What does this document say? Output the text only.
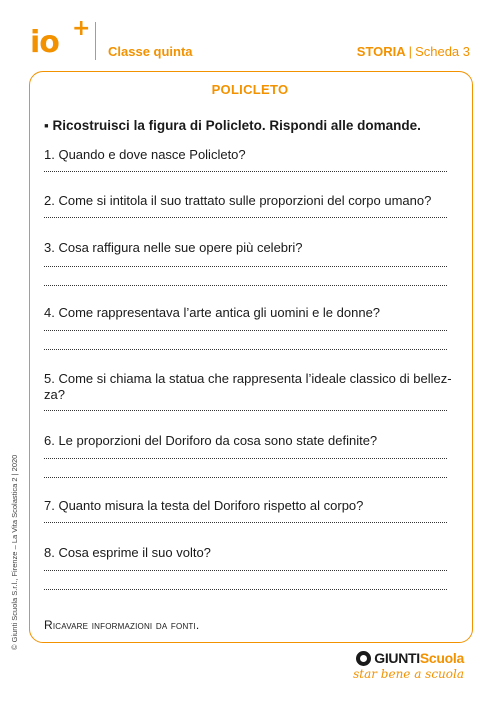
io +
Classe quinta	STORIA | Scheda 3
POLICLETO
▪ Ricostruisci la figura di Policleto. Rispondi alle domande.
1. Quando e dove nasce Policleto?
2. Come si intitola il suo trattato sulle proporzioni del corpo umano?
3. Cosa raffigura nelle sue opere più celebri?
4. Come rappresentava l’arte antica gli uomini e le donne?
5. Come si chiama la statua che rappresenta l’ideale classico di bellez-
za?
6. Le proporzioni del Doriforo da cosa sono state definite?
7. Quanto misura la testa del Doriforo rispetto al corpo?
8. Cosa esprime il suo volto?
Ricavare informazioni da fonti.
© Giunti Scuola S.r.l., Firenze – La Vita Scolastica 2 | 2020
GIUNTI Scuola
star bene a scuola
